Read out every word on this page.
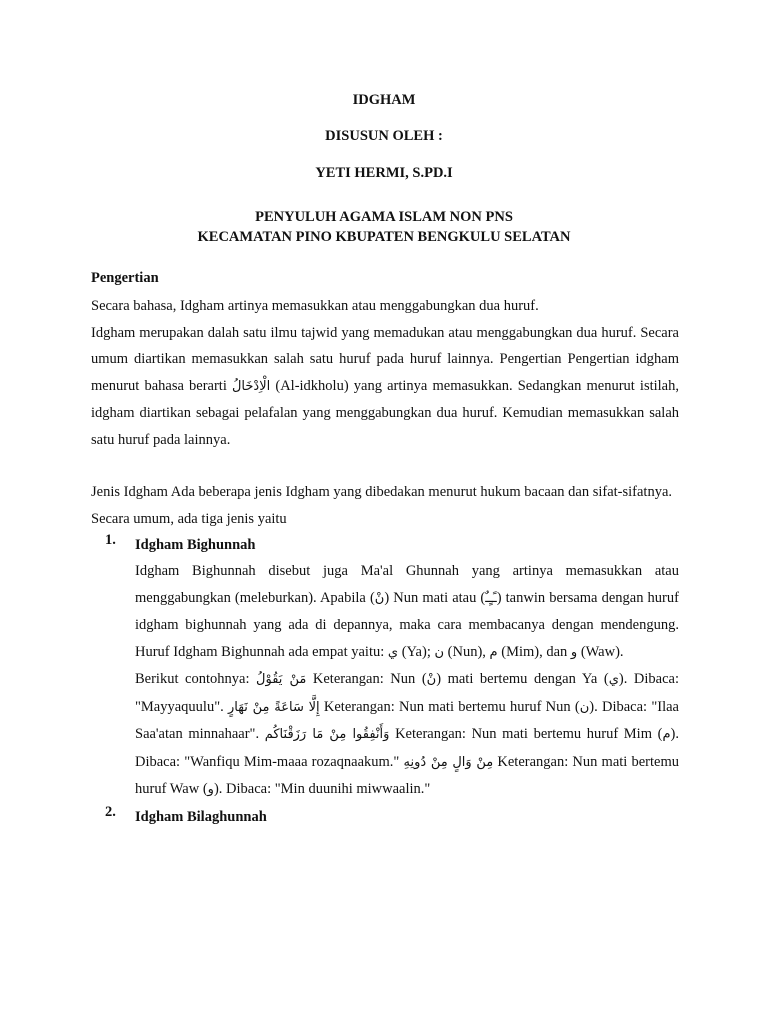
IDGHAM
DISUSUN OLEH :
YETI HERMI, S.PD.I
PENYULUH AGAMA ISLAM NON PNS
KECAMATAN PINO KBUPATEN BENGKULU SELATAN
Pengertian

Secara bahasa, Idgham artinya memasukkan atau menggabungkan dua huruf.

Idgham merupakan dalah satu ilmu tajwid yang memadukan atau menggabungkan dua huruf. Secara umum diartikan memasukkan salah satu huruf pada huruf lainnya. Pengertian Pengertian idgham menurut bahasa berarti الْاِدْخَالُ (Al-idkholu) yang artinya memasukkan. Sedangkan menurut istilah, idgham diartikan sebagai pelafalan yang menggabungkan dua huruf. Kemudian memasukkan salah satu huruf pada lainnya.

Jenis Idgham Ada beberapa jenis Idgham yang dibedakan menurut hukum bacaan dan sifat-sifatnya.

Secara umum, ada tiga jenis yaitu

1. Idgham Bighunnah

Idgham Bighunnah disebut juga Ma'al Ghunnah yang artinya memasukkan atau menggabungkan (meleburkan). Apabila (نْ) Nun mati atau (ـًـٍـٌ) tanwin bersama dengan huruf idgham bighunnah yang ada di depannya, maka cara membacanya dengan mendengung. Huruf Idgham Bighunnah ada empat yaitu: ي (Ya); ن (Nun), م (Mim), dan و (Waw).

Berikut contohnya: مَنْ يَقُوْلُ Keterangan: Nun (نْ) mati bertemu dengan Ya (ي). Dibaca: "Mayyaquulu". إِلَّا سَاعَةً مِنْ نَهَارٍ Keterangan: Nun mati bertemu huruf Nun (ن). Dibaca: "Ilaa Saa'atan minnahaar". وَأَنْفِقُوا مِنْ مَا رَزَقْنَاكُم Keterangan: Nun mati bertemu huruf Mim (م). Dibaca: "Wanfiqu Mim-maaa rozaqnaakum." مِنْ وَالٍ مِنْ دُونِهِ Keterangan: Nun mati bertemu huruf Waw (و). Dibaca: "Min duunihi miwwaalin."

2. Idgham Bilaghunnah
